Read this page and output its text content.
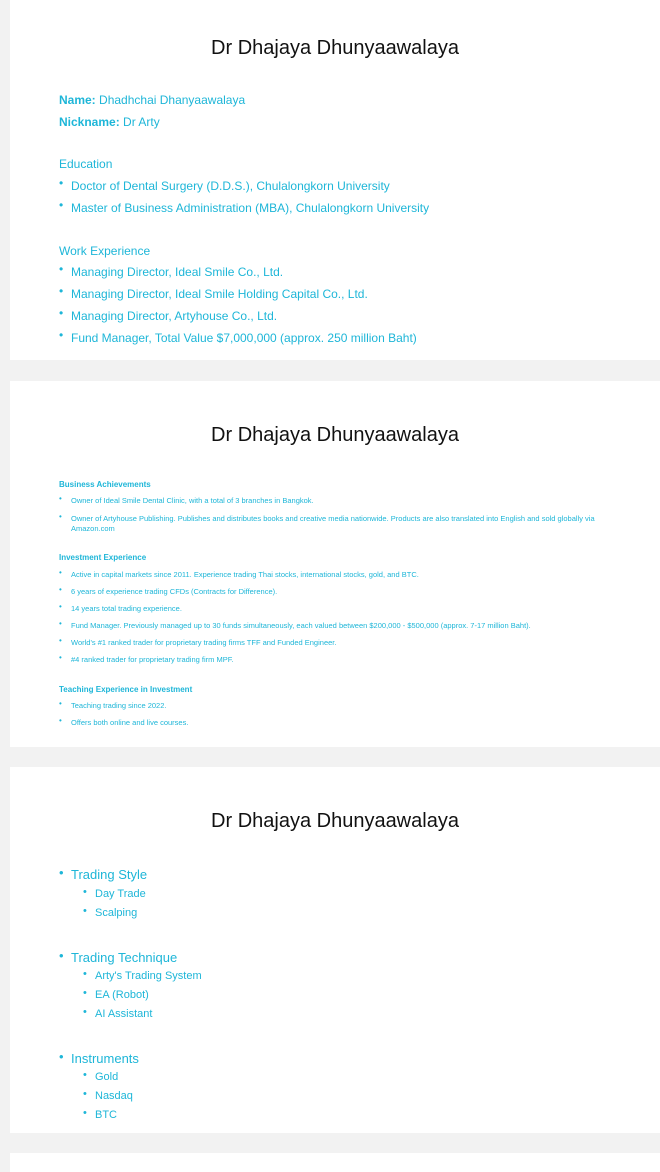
Dr Dhajaya Dhunyaawalaya
Name: Dhadhchai Dhanyaawalaya
Nickname: Dr Arty
Education
• Doctor of Dental Surgery (D.D.S.), Chulalongkorn University
• Master of Business Administration (MBA), Chulalongkorn University
Work Experience
• Managing Director, Ideal Smile Co., Ltd.
• Managing Director, Ideal Smile Holding Capital Co., Ltd.
• Managing Director, Artyhouse Co., Ltd.
• Fund Manager, Total Value $7,000,000 (approx. 250 million Baht)
Dr Dhajaya Dhunyaawalaya
Business Achievements
• Owner of Ideal Smile Dental Clinic, with a total of 3 branches in Bangkok.
• Owner of Artyhouse Publishing. Publishes and distributes books and creative media nationwide. Products are also translated into English and sold globally via Amazon.com
Investment Experience
• Active in capital markets since 2011. Experience trading Thai stocks, international stocks, gold, and BTC.
• 6 years of experience trading CFDs (Contracts for Difference).
• 14 years total trading experience.
• Fund Manager. Previously managed up to 30 funds simultaneously, each valued between $200,000 - $500,000 (approx. 7-17 million Baht).
• World's #1 ranked trader for proprietary trading firms TFF and Funded Engineer.
• #4 ranked trader for proprietary trading firm MPF.
Teaching Experience in Investment
• Teaching trading since 2022.
• Offers both online and live courses.
Dr Dhajaya Dhunyaawalaya
• Trading Style
• Day Trade
• Scalping
• Trading Technique
• Arty's Trading System
• EA (Robot)
• AI Assistant
• Instruments
• Gold
• Nasdaq
• BTC
